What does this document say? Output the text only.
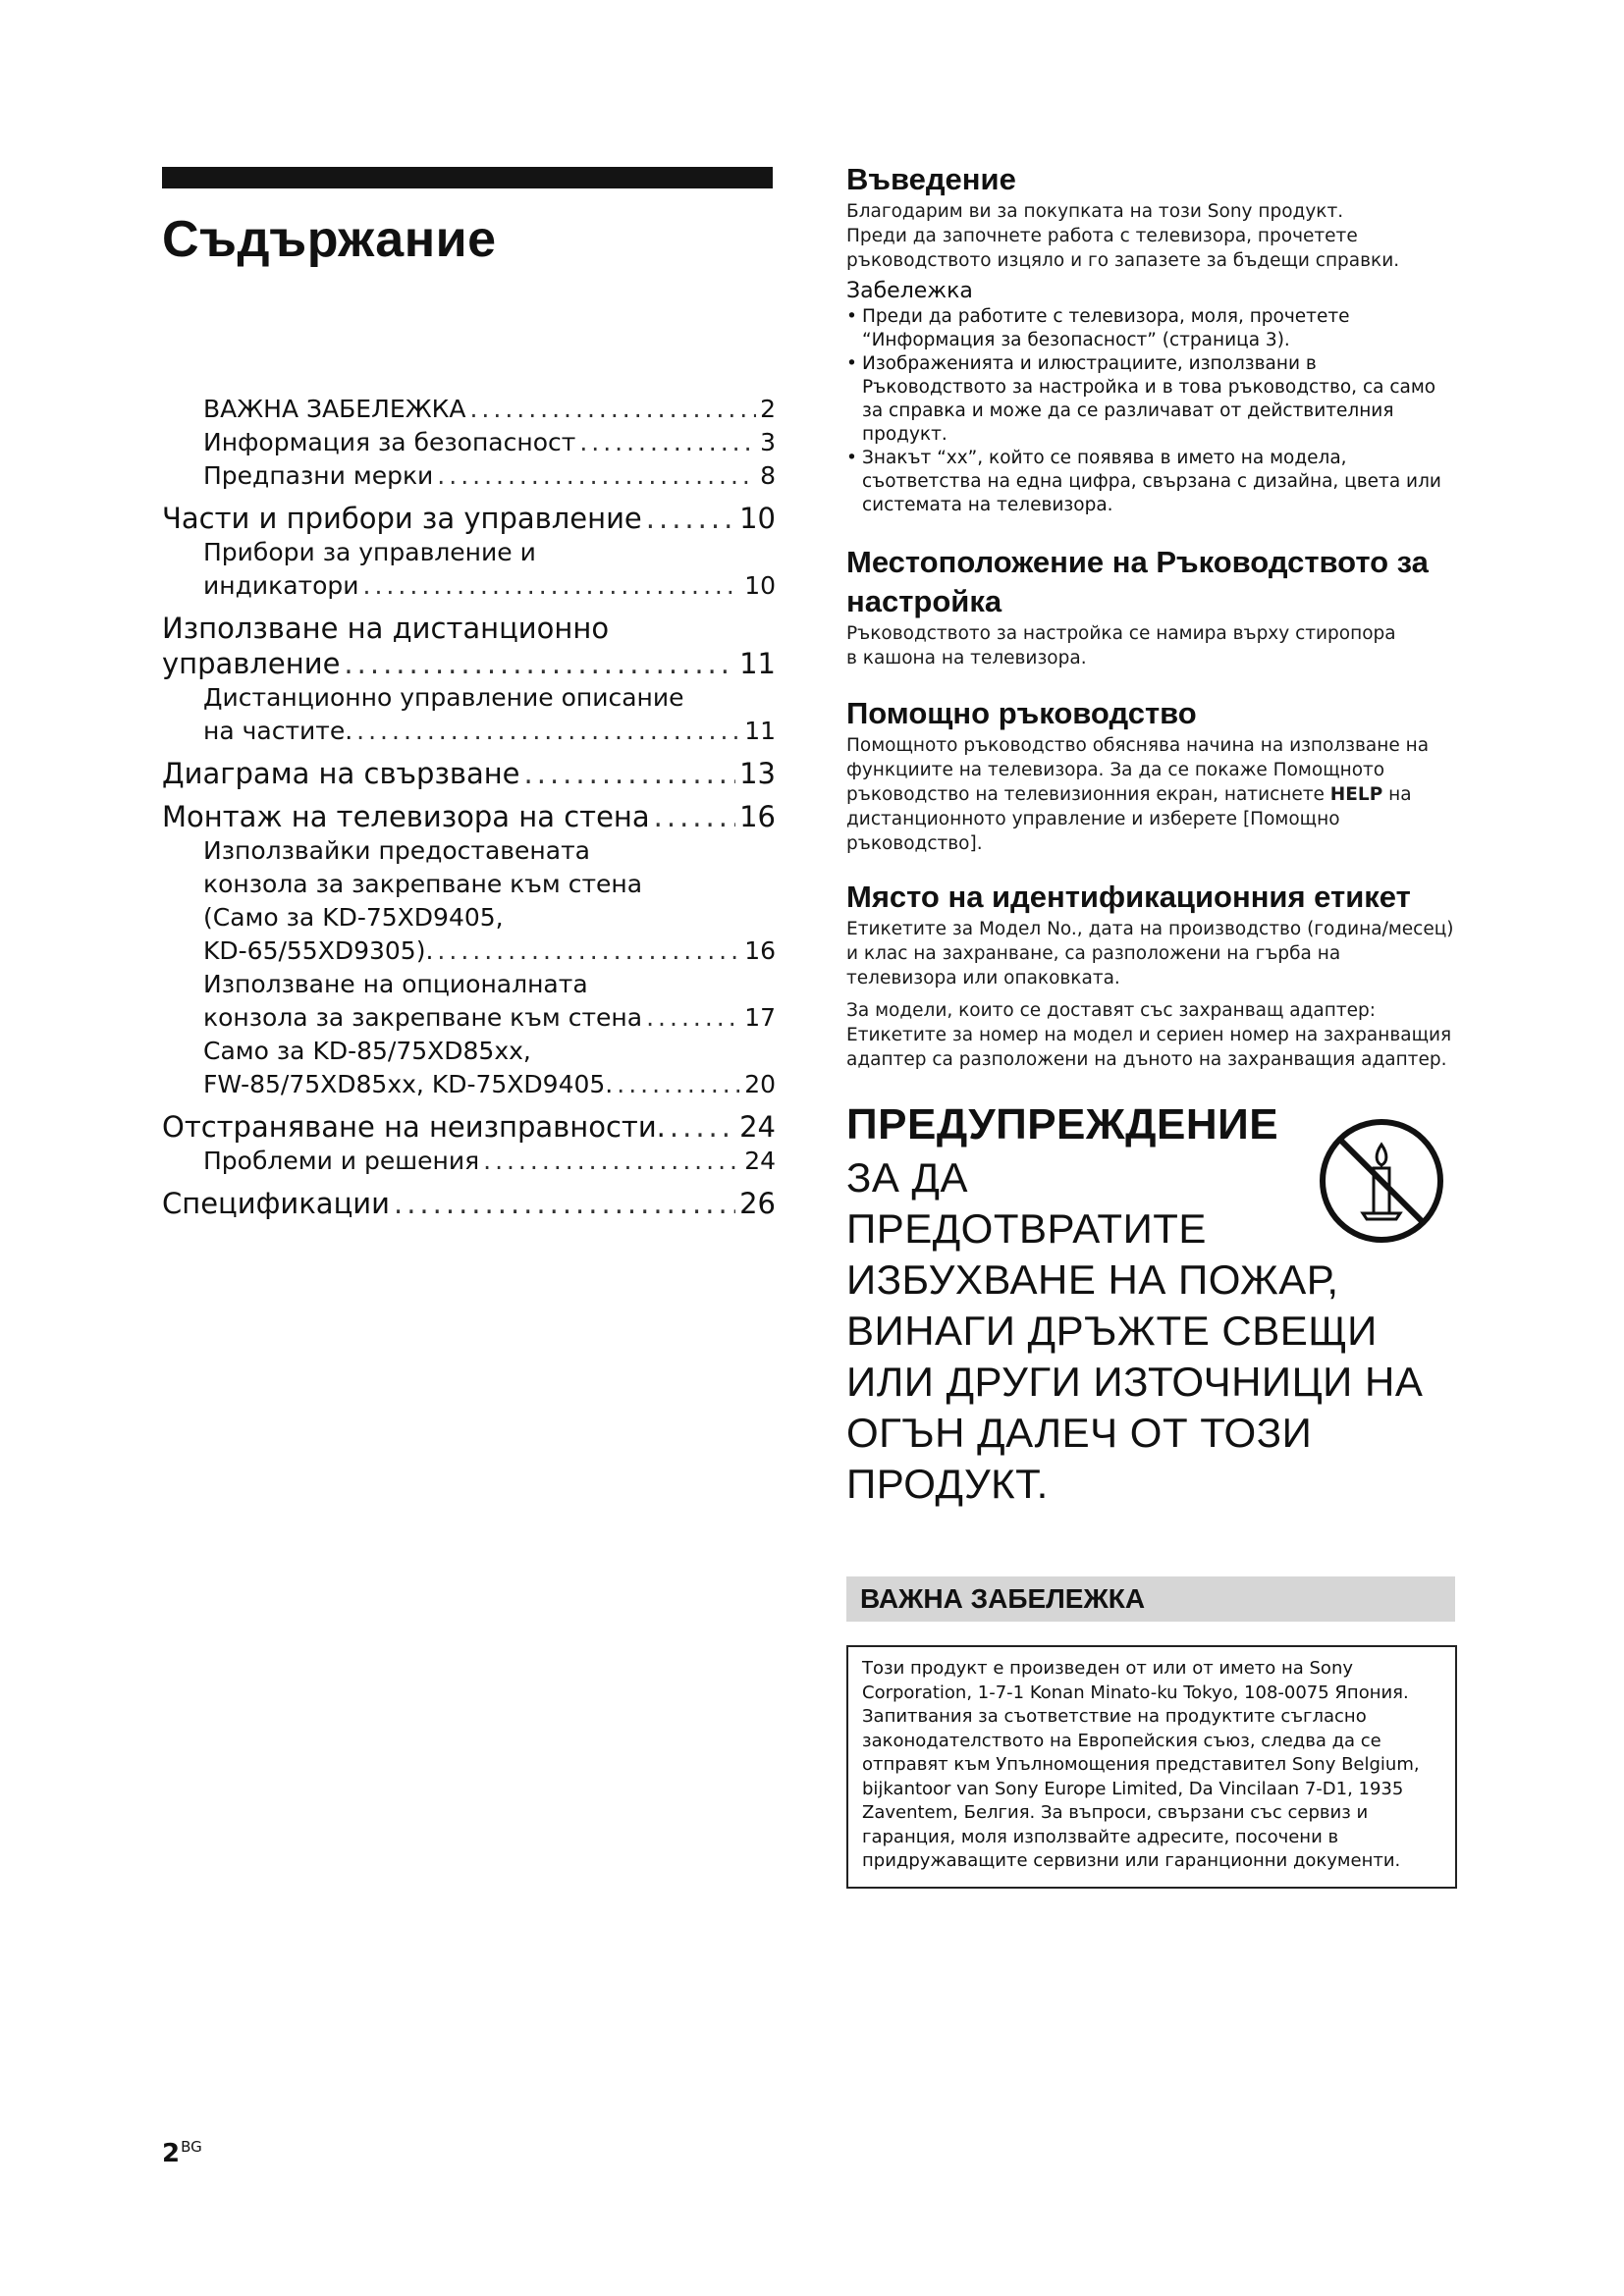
Съдържание
ВАЖНА ЗАБЕЛЕЖКА .....	2
Информация за безопасност .....	3
Предпазни мерки .....	8
Части и прибори за управление .....	10
Прибори за управление и
индикатори .....	10
Използване на дистанционно
управление .....	11
Дистанционно управление описание
на частите. .....	11
Диаграма на свързване .....	13
Монтаж на телевизора на стена .....	16
Използвайки предоставената
конзола за закрепване към стена
(Само за KD-75XD9405,
KD-65/55XD9305). .....	16
Използване на опционалната
конзола за закрепване към стена .....	17
Само за KD-85/75XD85xx,
FW-85/75XD85xx, KD-75XD9405. .....	20
Отстраняване на неизправности. .....	24
Проблеми и решения .....	24
Спецификации .....	26
Въведение

Благодарим ви за покупката на този Sony продукт.

Преди да започнете работа с телевизора, прочетете

ръководството изцяло и го запазете за бъдещи справки.

Забележка
• Преди да работите с телевизора, моля, прочетете
“Информация за безопасност” (страница 3).
• Изображенията и илюстрациите, използвани в
Ръководството за настройка и в това ръководство, са само
за справка и може да се различават от действителния
продукт.
• Знакът “xx”, който се появява в името на модела,
съответства на една цифра, свързана с дизайна, цвета или
системата на телевизора.
Местоположение на Ръководството за
настройка

Ръководството за настройка се намира върху стиропора

в кашона на телевизора.

Помощно ръководство

Помощното ръководство обяснява начина на използване на

функциите на телевизора. За да се покаже Помощното

ръководство на телевизионния екран, натиснете HELP на

дистанционното управление и изберете [Помощно

ръководство].

Място на идентификационния етикет

Етикетите за Модел No., дата на производство (година/месец)

и клас на захранване, са разположени на гърба на

телевизора или опаковката.

За модели, които се доставят със захранващ адаптер:

Етикетите за номер на модел и сериен номер на захранващия

адаптер са разположени на дъното на захранващия адаптер.

ПРЕДУПРЕЖДЕНИЕ

ЗА ДА

ПРЕДОТВРАТИТЕ

ИЗБУХВАНЕ НА ПОЖАР,

ВИНАГИ ДРЪЖТЕ СВЕЩИ

ИЛИ ДРУГИ ИЗТОЧНИЦИ НА

ОГЪН ДАЛЕЧ ОТ ТОЗИ

ПРОДУКТ.

ВАЖНА ЗАБЕЛЕЖКА

Този продукт е произведен от или от името на Sony

Corporation, 1-7-1 Konan Minato-ku Tokyo, 108-0075 Япония.

Запитвания за съответствие на продуктите съгласно

законодателството на Европейския съюз, следва да се

отправят към Упълномощения представител Sony Belgium,

bijkantoor van Sony Europe Limited, Da Vincilaan 7-D1, 1935

Zaventem, Белгия. За въпроси, свързани със сервиз и

гаранция, моля използвайте адресите, посочени в

придружаващите сервизни или гаранционни документи.

$2^{BG}$
